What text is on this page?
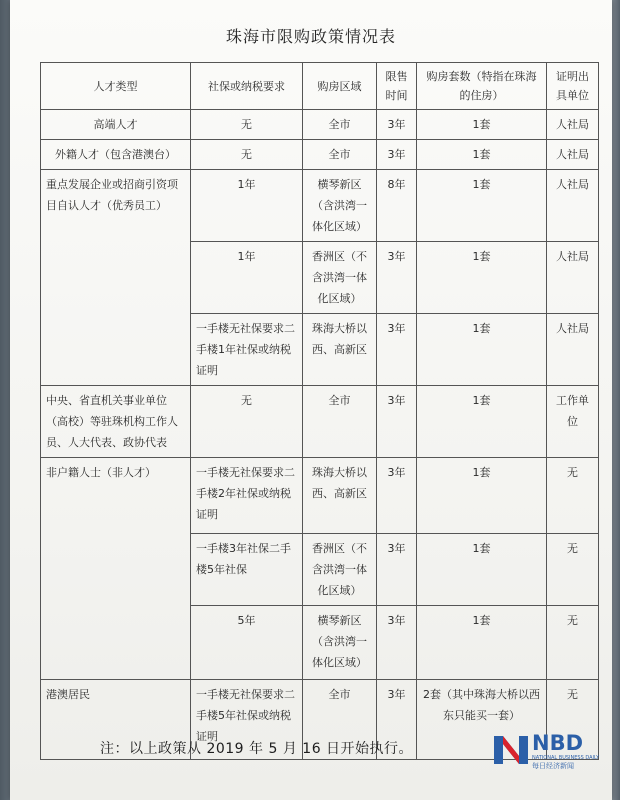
珠海市限购政策情况表
人才类型	社保或纳税要求	购房区域	限售时间	购房套数（特指在珠海的住房）	证明出具单位
高端人才	无	全市	3年	1套	人社局
外籍人才（包含港澳台）	无	全市	3年	1套	人社局
重点发展企业或招商引资项目自认人才（优秀员工）	1年	横琴新区（含洪湾一体化区域）	8年	1套	人社局
	1年	香洲区（不含洪湾一体化区域）	3年	1套	人社局
	一手楼无社保要求二手楼1年社保或纳税证明	珠海大桥以西、高新区	3年	1套	人社局
中央、省直机关事业单位（高校）等驻珠机构工作人员、人大代表、政协代表	无	全市	3年	1套	工作单位
非户籍人士（非人才）	一手楼无社保要求二手楼2年社保或纳税证明	珠海大桥以西、高新区	3年	1套	无
	一手楼3年社保二手楼5年社保	香洲区（不含洪湾一体化区域）	3年	1套	无
	5年	横琴新区（含洪湾一体化区域）	3年	1套	无
港澳居民	一手楼无社保要求二手楼5年社保或纳税证明	全市	3年	2套（其中珠海大桥以西东只能买一套）	无
注：以上政策从 2019 年 5 月 16 日开始执行。	NBD
NATIONAL BUSINESS DAILY
每日经济新闻
